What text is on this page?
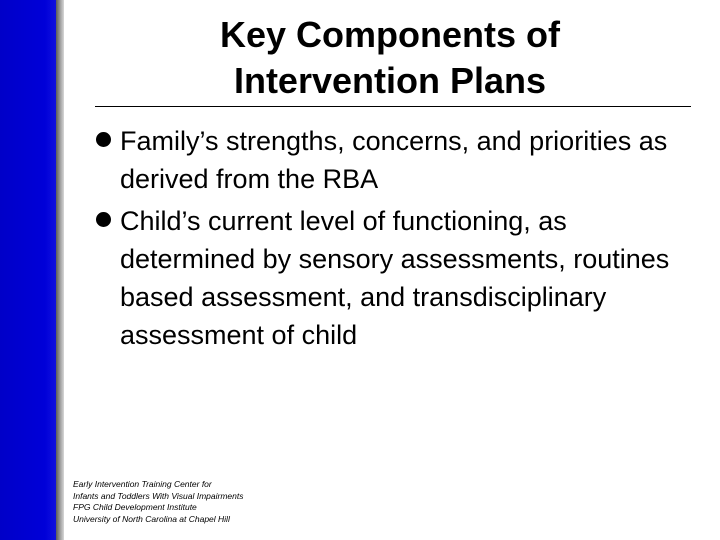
Key Components of
Intervention Plans
Family’s strengths, concerns, and priorities as derived from the RBA
Child’s current level of functioning, as determined by sensory assessments, routines based assessment, and transdisciplinary assessment of child
Early Intervention Training Center for
Infants and Toddlers With Visual Impairments
FPG Child Development Institute
University of North Carolina at Chapel Hill
